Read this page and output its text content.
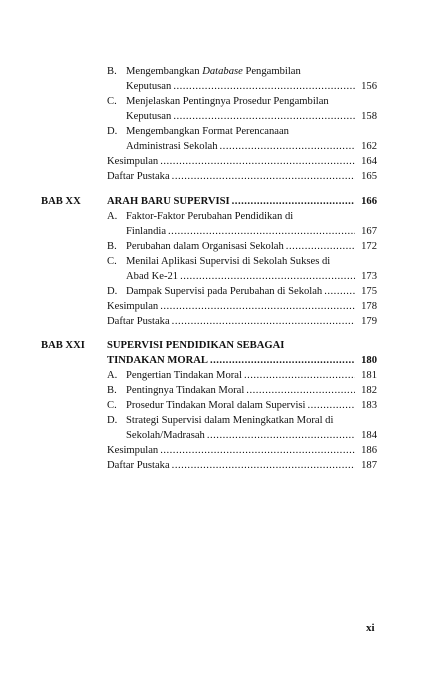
B. Mengembangkan Database Pengambilan
Keputusan .....	156
C. Menjelaskan Pentingnya Prosedur Pengambilan
Keputusan .....	158
D. Mengembangkan Format Perencanaan
Administrasi Sekolah .....	162
Kesimpulan .....	164
Daftar Pustaka .....	165
BAB XX ARAH BARU SUPERVISI .....	166
A. Faktor-Faktor Perubahan Pendidikan di
Finlandia .....	167
B. Perubahan dalam Organisasi Sekolah .....	172
C. Menilai Aplikasi Supervisi di Sekolah Sukses di
Abad Ke-21 .....	173
D. Dampak Supervisi pada Perubahan di Sekolah .....	175
Kesimpulan .....	178
Daftar Pustaka .....	179
BAB XXI SUPERVISI PENDIDIKAN SEBAGAI
TINDAKAN MORAL .....	180
A. Pengertian Tindakan Moral .....	181
B. Pentingnya Tindakan Moral .....	182
C. Prosedur Tindakan Moral dalam Supervisi .....	183
D. Strategi Supervisi dalam Meningkatkan Moral di
Sekolah/Madrasah .....	184
Kesimpulan .....	186
Daftar Pustaka .....	187
xi
